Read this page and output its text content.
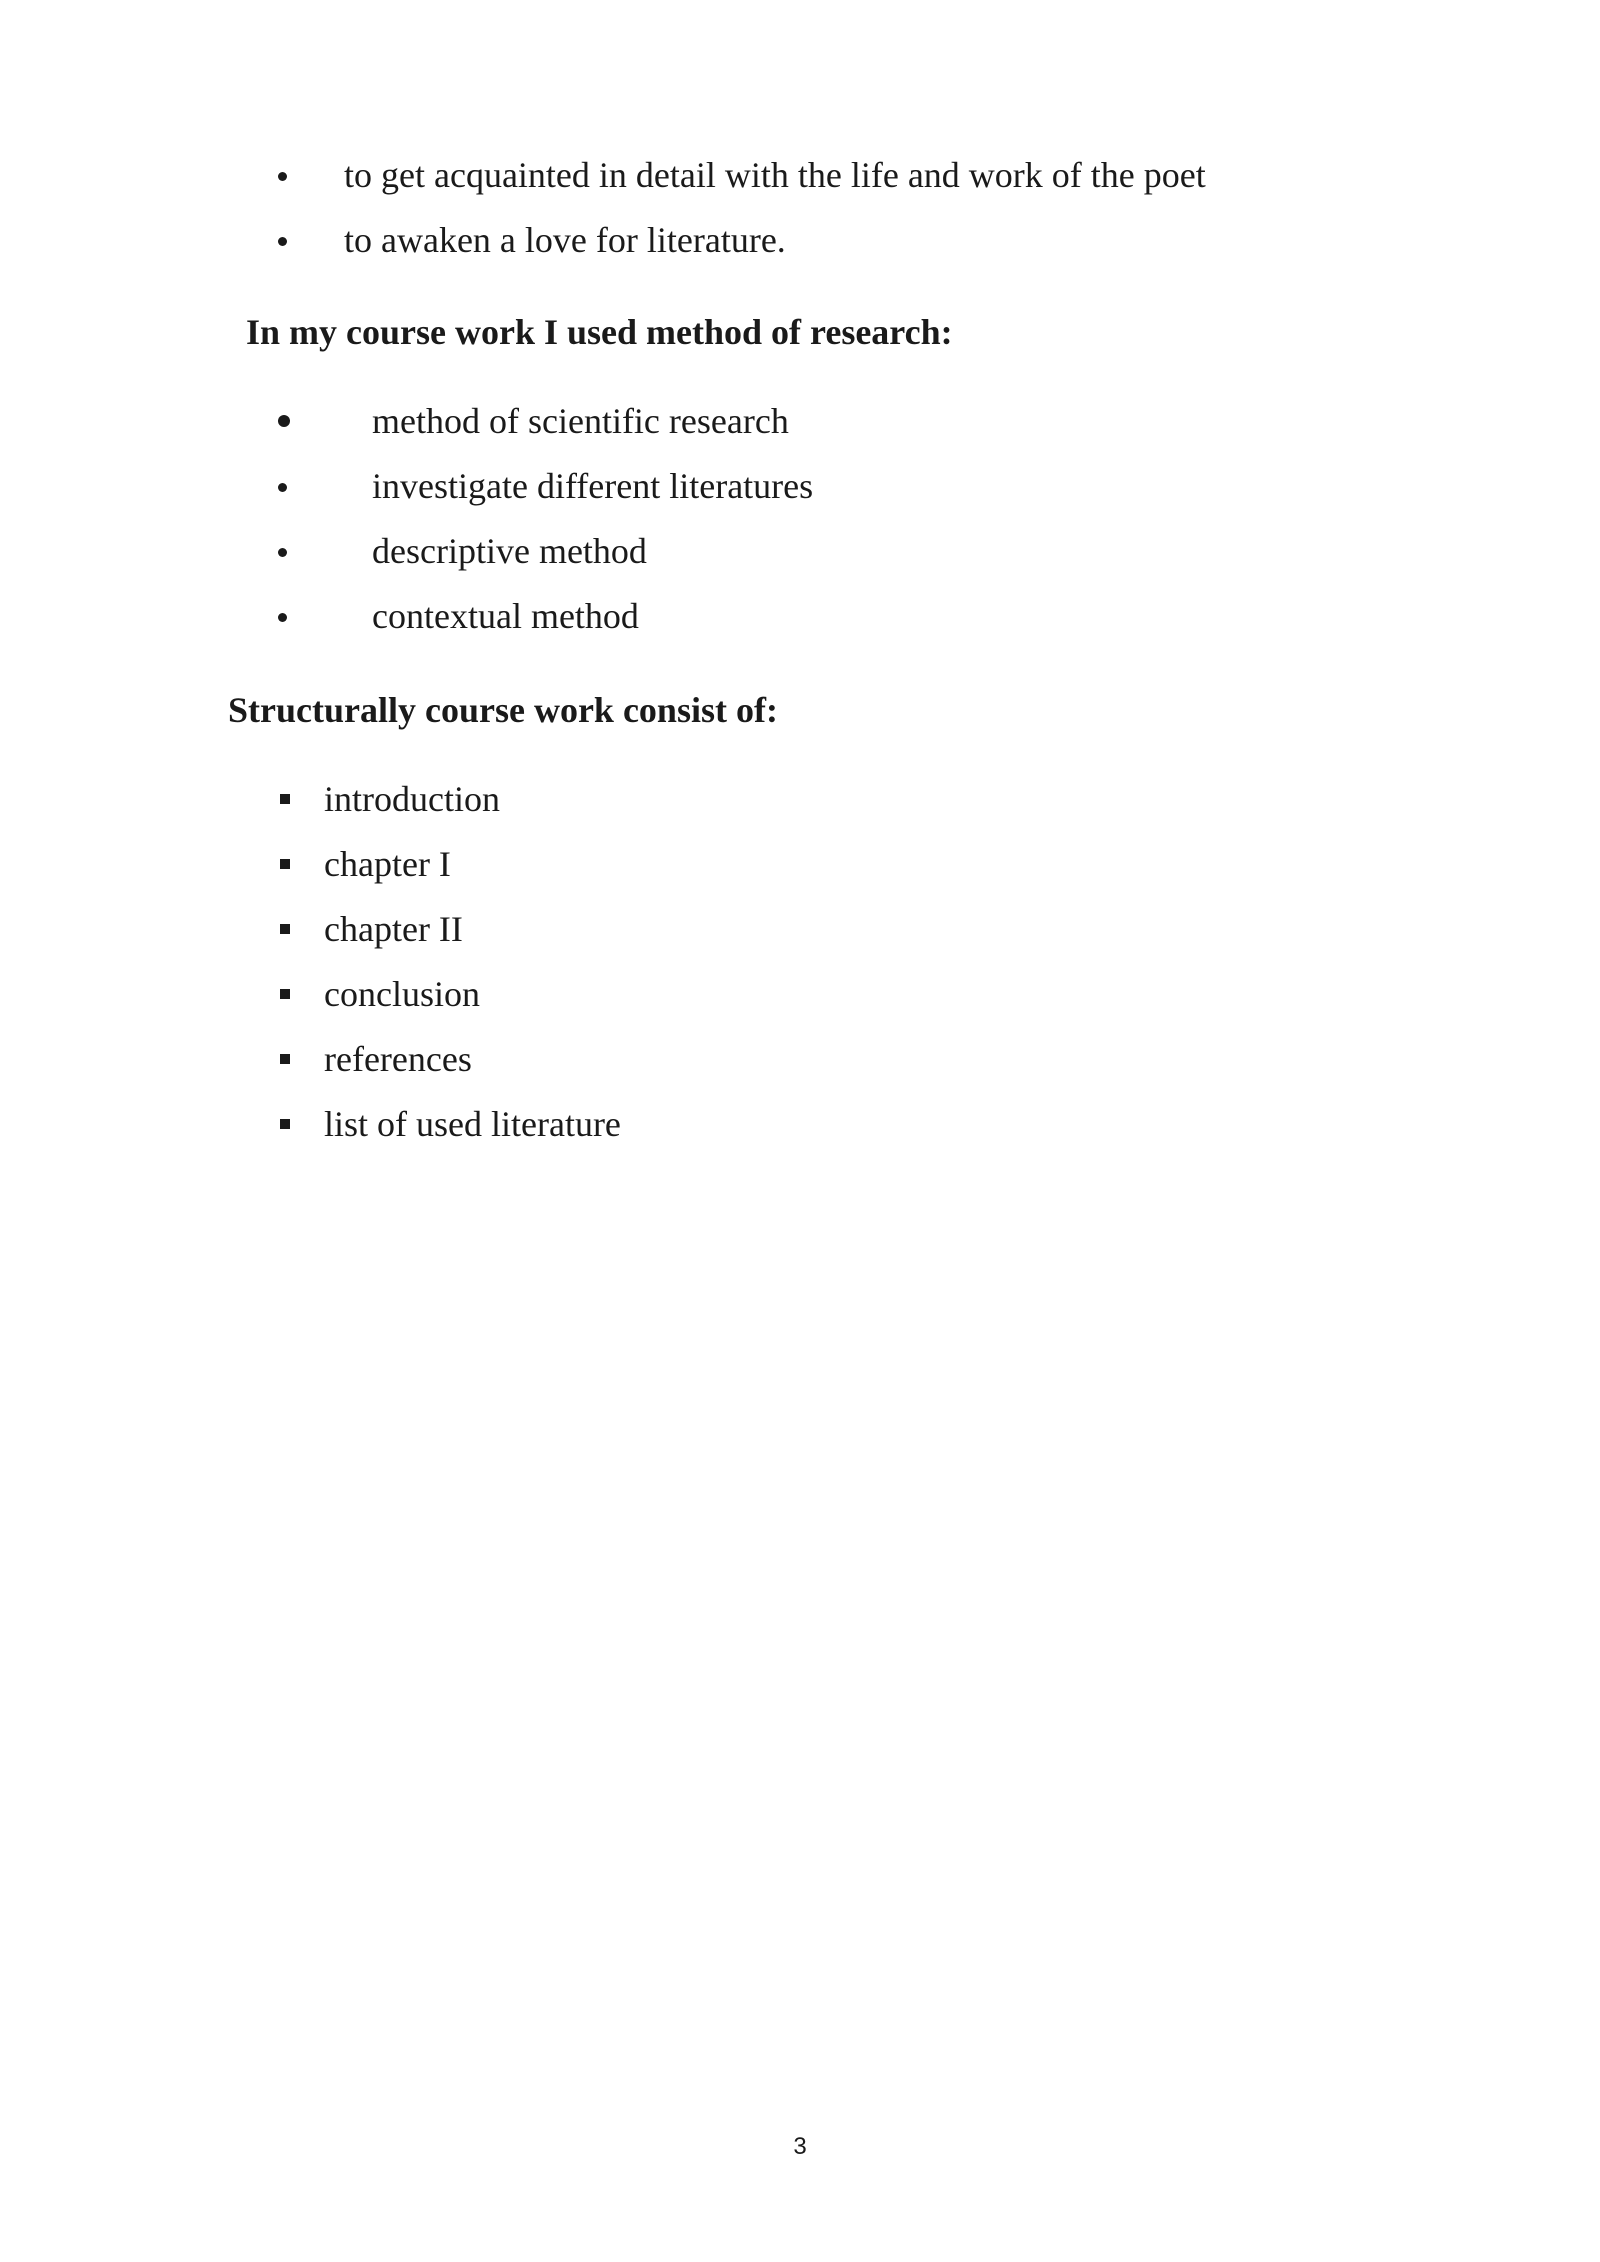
to get acquainted in detail with the life and work of the poet
to awaken a love for literature.
In my course work I used method of research:
method of scientific research
investigate different literatures
descriptive method
contextual method
Structurally course work consist of:
introduction
chapter I
chapter II
conclusion
references
list of used literature
3
